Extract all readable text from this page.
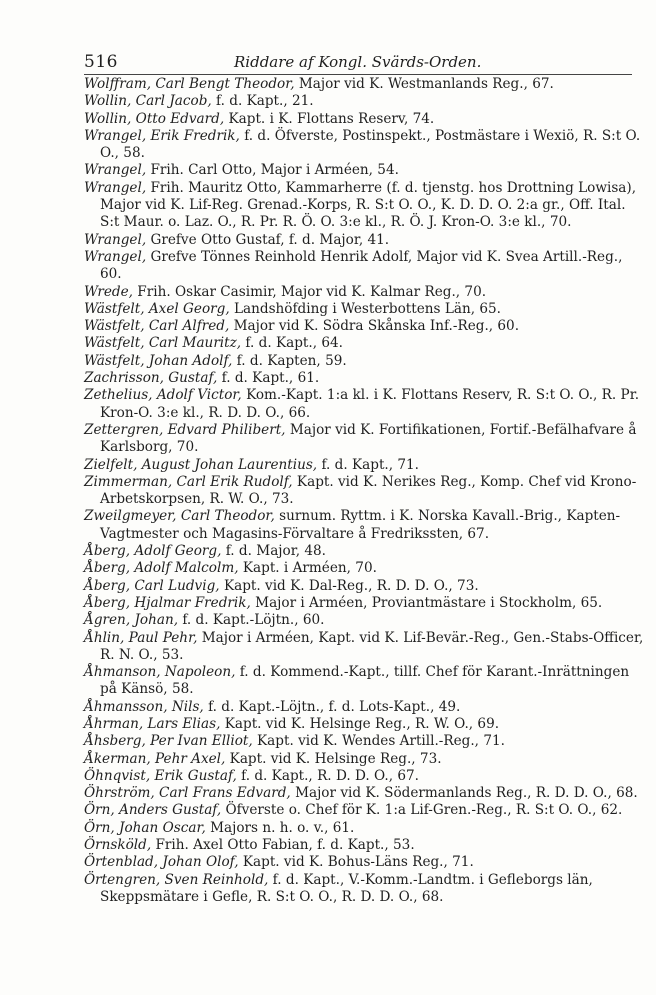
516	Riddare af Kongl. Svärds-Orden.
Wolffram, Carl Bengt Theodor, Major vid K. Westmanlands Reg., 67.
Wollin, Carl Jacob, f. d. Kapt., 21.
Wollin, Otto Edvard, Kapt. i K. Flottans Reserv, 74.
Wrangel, Erik Fredrik, f. d. Öfverste, Postinspekt., Postmästare i Wexiö, R. S:t O. O., 58.
Wrangel, Frih. Carl Otto, Major i Arméen, 54.
Wrangel, Frih. Mauritz Otto, Kammarherre (f. d. tjenstg. hos Drottning Lowisa), Major vid K. Lif-Reg. Grenad.-Korps, R. S:t O. O., K. D. D. O. 2:a gr., Off. Ital. S:t Maur. o. Laz. O., R. Pr. R. Ö. O. 3:e kl., R. Ö. J. Kron-O. 3:e kl., 70.
Wrangel, Grefve Otto Gustaf, f. d. Major, 41.
Wrangel, Grefve Tönnes Reinhold Henrik Adolf, Major vid K. Svea Artill.-Reg., 60.
Wrede, Frih. Oskar Casimir, Major vid K. Kalmar Reg., 70.
Wästfelt, Axel Georg, Landshöfding i Westerbottens Län, 65.
Wästfelt, Carl Alfred, Major vid K. Södra Skånska Inf.-Reg., 60.
Wästfelt, Carl Mauritz, f. d. Kapt., 64.
Wästfelt, Johan Adolf, f. d. Kapten, 59.
Zachrisson, Gustaf, f. d. Kapt., 61.
Zethelius, Adolf Victor, Kom.-Kapt. 1:a kl. i K. Flottans Reserv, R. S:t O. O., R. Pr. Kron-O. 3:e kl., R. D. D. O., 66.
Zettergren, Edvard Philibert, Major vid K. Fortifikationen, Fortif.-Befälhafvare å Karlsborg, 70.
Zielfelt, August Johan Laurentius, f. d. Kapt., 71.
Zimmerman, Carl Erik Rudolf, Kapt. vid K. Nerikes Reg., Komp. Chef vid Krono-Arbetskorpsen, R. W. O., 73.
Zweilgmeyer, Carl Theodor, surnum. Ryttm. i K. Norska Kavall.-Brig., Kapten-Vagtmester och Magasins-Förvaltare å Fredrikssten, 67.
Åberg, Adolf Georg, f. d. Major, 48.
Åberg, Adolf Malcolm, Kapt. i Arméen, 70.
Åberg, Carl Ludvig, Kapt. vid K. Dal-Reg., R. D. D. O., 73.
Åberg, Hjalmar Fredrik, Major i Arméen, Proviantmästare i Stockholm, 65.
Ågren, Johan, f. d. Kapt.-Löjtn., 60.
Åhlin, Paul Pehr, Major i Arméen, Kapt. vid K. Lif-Bevär.-Reg., Gen.-Stabs-Officer, R. N. O., 53.
Åhmanson, Napoleon, f. d. Kommend.-Kapt., tillf. Chef för Karant.-Inrättningen på Känsö, 58.
Åhmansson, Nils, f. d. Kapt.-Löjtn., f. d. Lots-Kapt., 49.
Åhrman, Lars Elias, Kapt. vid K. Helsinge Reg., R. W. O., 69.
Åhsberg, Per Ivan Elliot, Kapt. vid K. Wendes Artill.-Reg., 71.
Åkerman, Pehr Axel, Kapt. vid K. Helsinge Reg., 73.
Öhnqvist, Erik Gustaf, f. d. Kapt., R. D. D. O., 67.
Öhrström, Carl Frans Edvard, Major vid K. Södermanlands Reg., R. D. D. O., 68.
Örn, Anders Gustaf, Öfverste o. Chef för K. 1:a Lif-Gren.-Reg., R. S:t O. O., 62.
Örn, Johan Oscar, Majors n. h. o. v., 61.
Örnsköld, Frih. Axel Otto Fabian, f. d. Kapt., 53.
Örtenblad, Johan Olof, Kapt. vid K. Bohus-Läns Reg., 71.
Örtengren, Sven Reinhold, f. d. Kapt., V.-Komm.-Landtm. i Gefleborgs län, Skeppsmätare i Gefle, R. S:t O. O., R. D. D. O., 68.
